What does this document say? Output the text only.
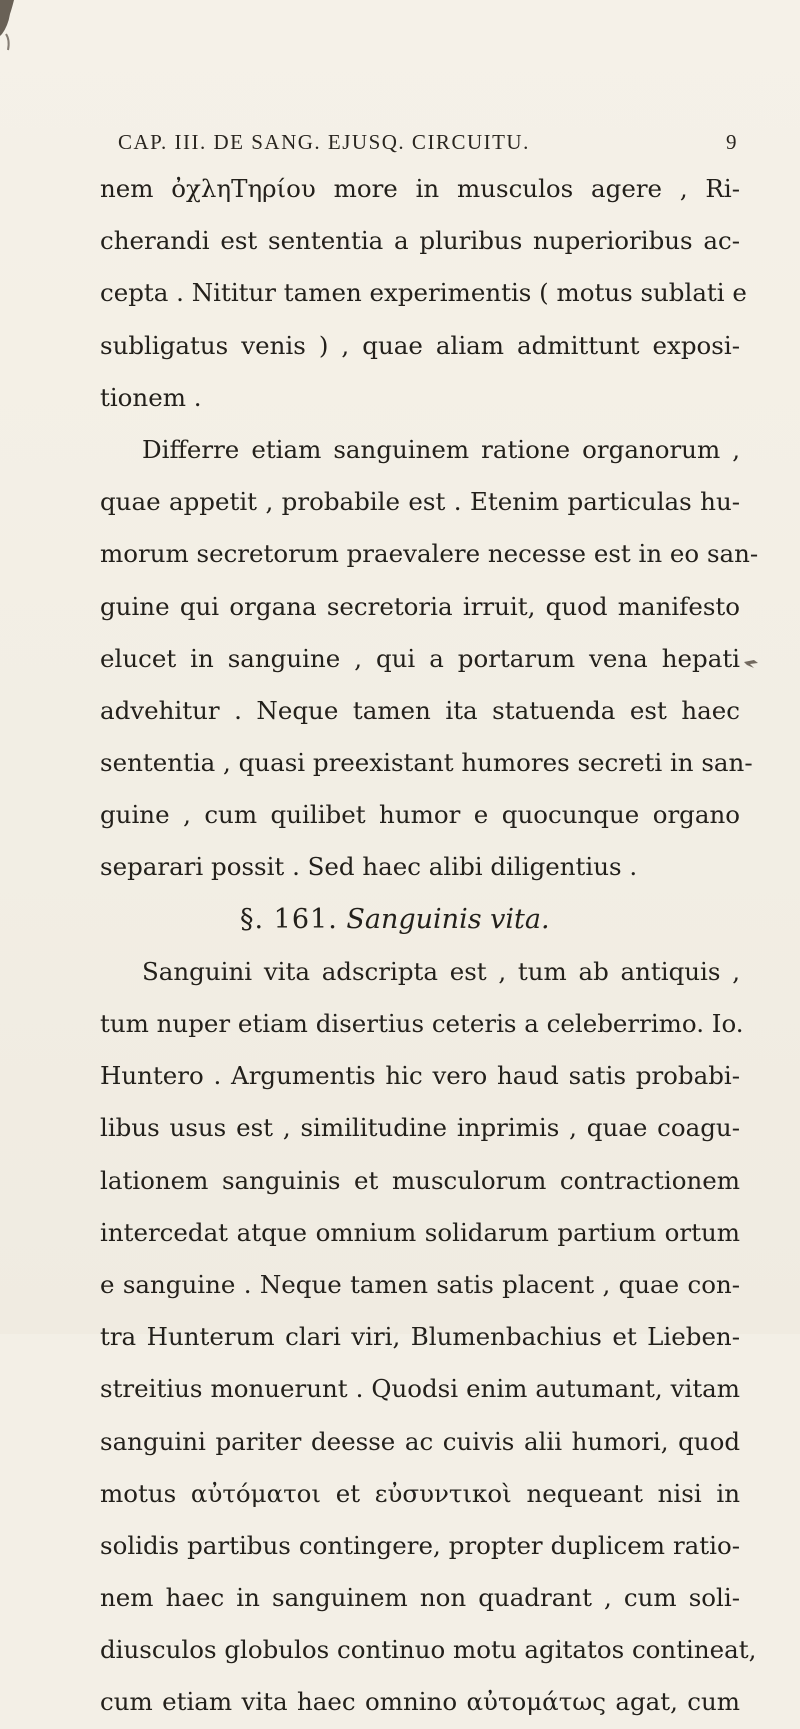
CAP. III. DE SANG. EJUSQ. CIRCUITU.	9
nem ὀχληΤηρίου more in musculos agere , Ri-
cherandi est sententia a pluribus nuperioribus ac-
cepta . Nititur tamen experimentis ( motus sublati e
subligatus venis ) , quae aliam admittunt exposi-
tionem .
Differre etiam sanguinem ratione organorum ,
quae appetit , probabile est . Etenim particulas hu-
morum secretorum praevalere necesse est in eo san-
guine qui organa secretoria irruit, quod manifesto
elucet in sanguine , qui a portarum vena hepati
advehitur . Neque tamen ita statuenda est haec
sententia , quasi preexistant humores secreti in san-
guine , cum quilibet humor e quocunque organo
separari possit . Sed haec alibi diligentius .
§. 161. Sanguinis vita.
Sanguini vita adscripta est , tum ab antiquis ,
tum nuper etiam disertius ceteris a celeberrimo. Io.
Huntero . Argumentis hic vero haud satis probabi-
libus usus est , similitudine inprimis , quae coagu-
lationem sanguinis et musculorum contractionem
intercedat atque omnium solidarum partium ortum
e sanguine . Neque tamen satis placent , quae con-
tra Hunterum clari viri, Blumenbachius et Lieben-
streitius monuerunt . Quodsi enim autumant, vitam
sanguini pariter deesse ac cuivis alii humori, quod
motus αὐτόματοι et εὐσυντικοὶ nequeant nisi in
solidis partibus contingere, propter duplicem ratio-
nem haec in sanguinem non quadrant , cum soli-
diusculos globulos continuo motu agitatos contineat,
cum etiam vita haec omnino αὐτομάτως agat, cum
